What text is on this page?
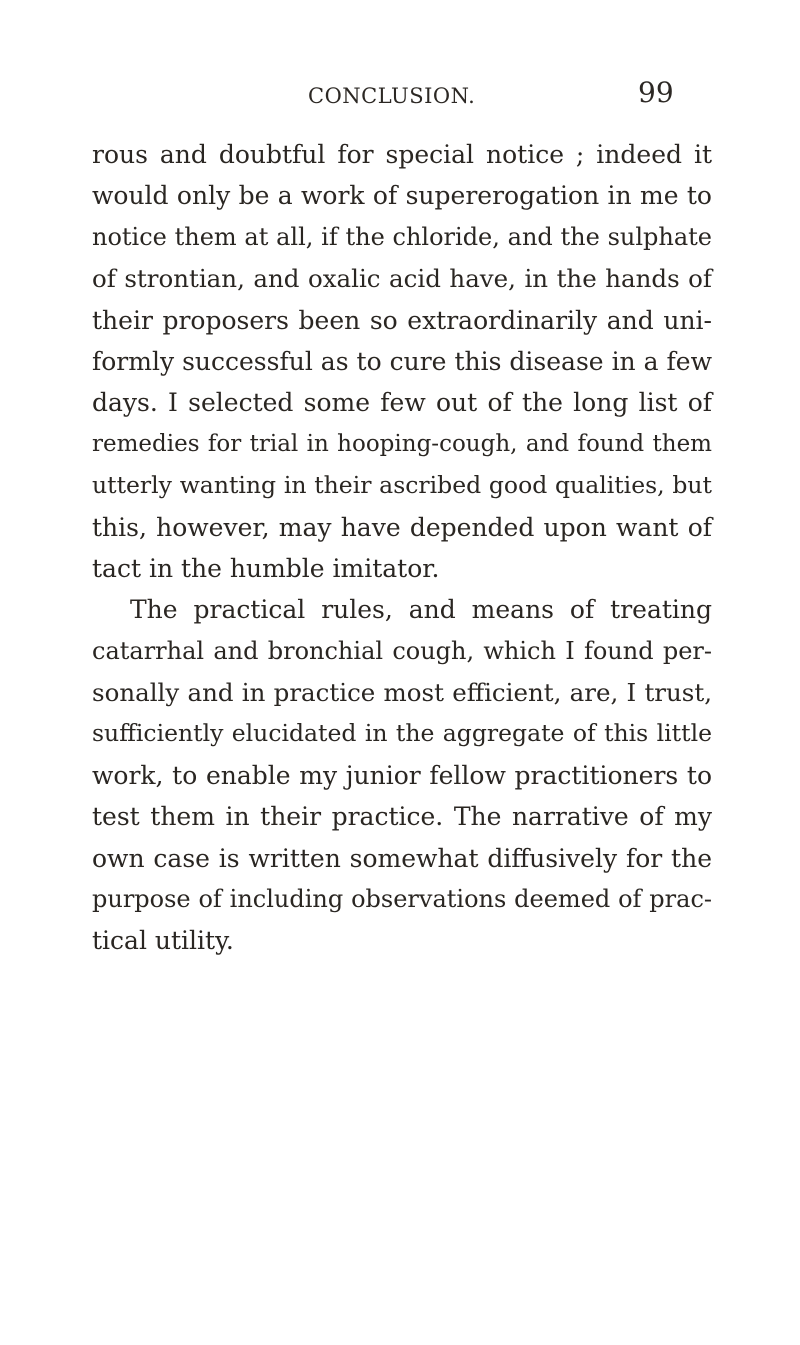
CONCLUSION.	99
rous and doubtful for special notice ; indeed it
would only be a work of supererogation in me to
notice them at all, if the chloride, and the sulphate
of strontian, and oxalic acid have, in the hands of
their proposers been so extraordinarily and uni-
formly successful as to cure this disease in a few
days. I selected some few out of the long list of
remedies for trial in hooping-cough, and found them
utterly wanting in their ascribed good qualities, but
this, however, may have depended upon want of
tact in the humble imitator.
The practical rules, and means of treating
catarrhal and bronchial cough, which I found per-
sonally and in practice most efficient, are, I trust,
sufficiently elucidated in the aggregate of this little
work, to enable my junior fellow practitioners to
test them in their practice. The narrative of my
own case is written somewhat diffusively for the
purpose of including observations deemed of prac-
tical utility.
